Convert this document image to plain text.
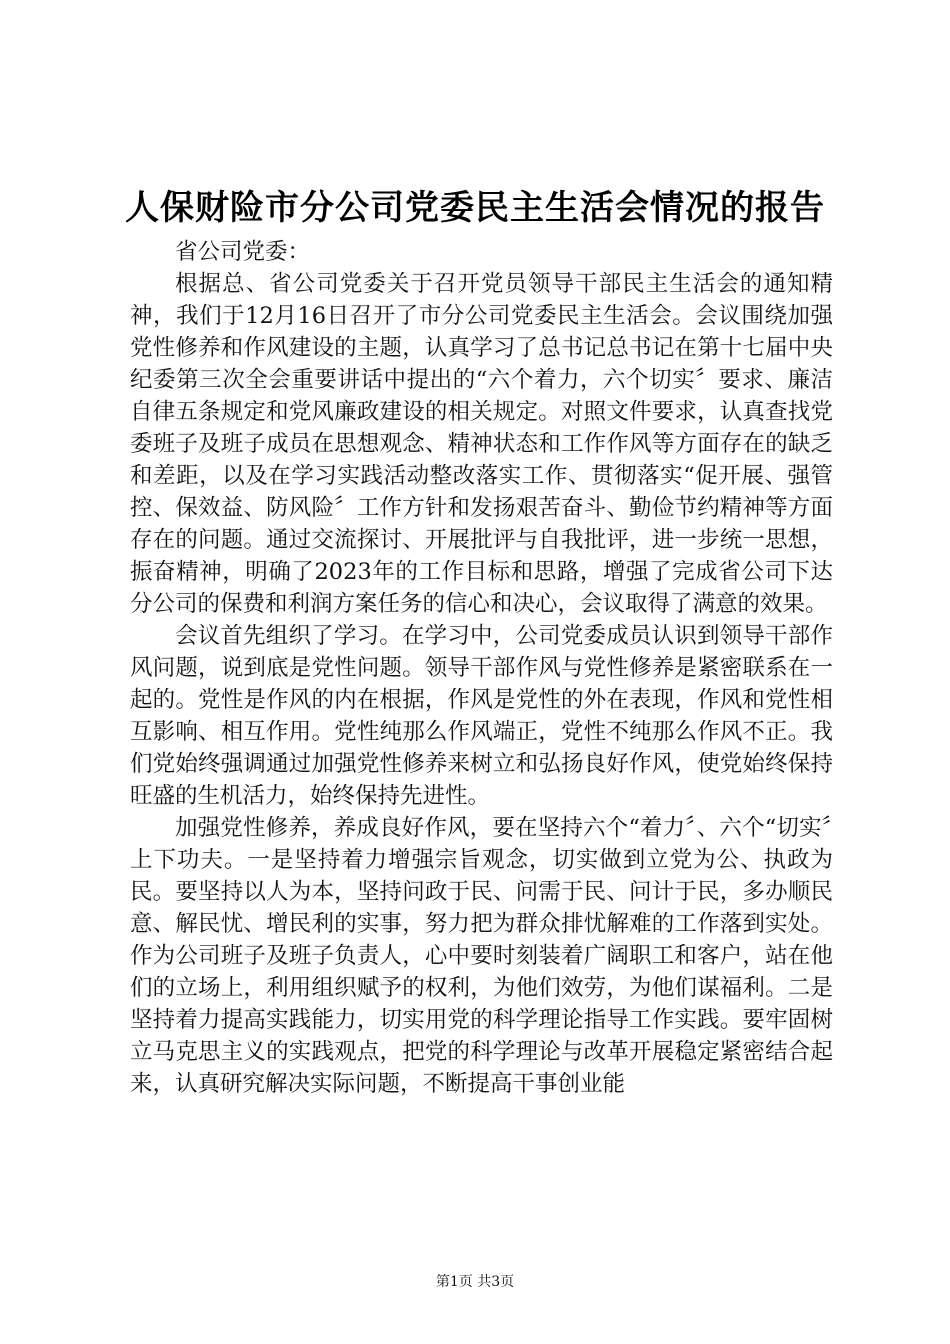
人保财险市分公司党委民主生活会情况的报告

省公司党委：

根据总、省公司党委关于召开党员领导干部民主生活会的通知精神，我们于12月16日召开了市分公司党委民主生活会。会议围绕加强党性修养和作风建设的主题，认真学习了总书记总书记在第十七届中央纪委第三次全会重要讲话中提出的“六个着力，六个切实〞要求、廉洁自律五条规定和党风廉政建设的相关规定。对照文件要求，认真查找党委班子及班子成员在思想观念、精神状态和工作作风等方面存在的缺乏和差距，以及在学习实践活动整改落实工作、贯彻落实“促开展、强管控、保效益、防风险〞工作方针和发扬艰苦奋斗、勤俭节约精神等方面存在的问题。通过交流探讨、开展批评与自我批评，进一步统一思想，振奋精神，明确了2023年的工作目标和思路，增强了完成省公司下达分公司的保费和利润方案任务的信心和决心，会议取得了满意的效果。

会议首先组织了学习。在学习中，公司党委成员认识到领导干部作风问题，说到底是党性问题。领导干部作风与党性修养是紧密联系在一起的。党性是作风的内在根据，作风是党性的外在表现，作风和党性相互影响、相互作用。党性纯那么作风端正，党性不纯那么作风不正。我们党始终强调通过加强党性修养来树立和弘扬良好作风，使党始终保持旺盛的生机活力，始终保持先进性。

加强党性修养，养成良好作风，要在坚持六个“着力〞、六个“切实〞上下功夫。一是坚持着力增强宗旨观念，切实做到立党为公、执政为民。要坚持以人为本，坚持问政于民、问需于民、问计于民，多办顺民意、解民忧、增民利的实事，努力把为群众排忧解难的工作落到实处。作为公司班子及班子负责人，心中要时刻装着广阔职工和客户，站在他们的立场上，利用组织赋予的权利，为他们效劳，为他们谋福利。二是坚持着力提高实践能力，切实用党的科学理论指导工作实践。要牢固树立马克思主义的实践观点，把党的科学理论与改革开展稳定紧密结合起来，认真研究解决实际问题，不断提高干事创业能

第1页 共3页
